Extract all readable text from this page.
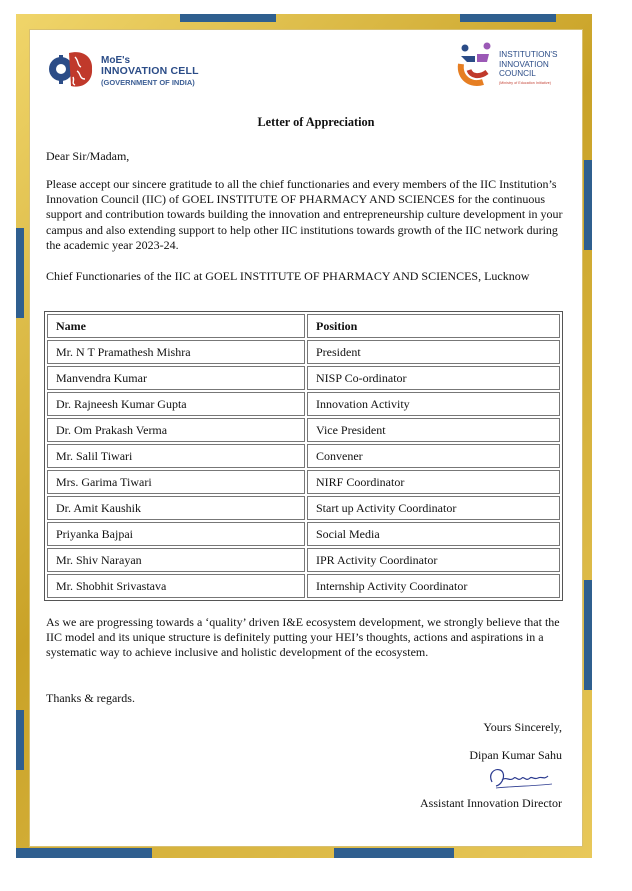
MoE's
INNOVATION CELL
(GOVERNMENT OF INDIA)
INSTITUTION'S
INNOVATION
COUNCIL
(Ministry of Education Initiative)
Letter of Appreciation
Dear Sir/Madam,
Please accept our sincere gratitude to all the chief functionaries and every members of the IIC Institution’s Innovation Council (IIC) of GOEL INSTITUTE OF PHARMACY AND SCIENCES for the continuous support and contribution towards building the innovation and entrepreneurship culture development in your campus and also extending support to help other IIC institutions towards growth of the IIC network during the academic year 2023-24.
Chief Functionaries of the IIC at GOEL INSTITUTE OF PHARMACY AND SCIENCES, Lucknow
Name	Position
Mr. N T Pramathesh Mishra	President
Manvendra Kumar	NISP Co-ordinator
Dr. Rajneesh Kumar Gupta	Innovation Activity
Dr. Om Prakash Verma	Vice President
Mr. Salil Tiwari	Convener
Mrs. Garima Tiwari	NIRF Coordinator
Dr. Amit Kaushik	Start up Activity Coordinator
Priyanka Bajpai	Social Media
Mr. Shiv Narayan	IPR Activity Coordinator
Mr. Shobhit Srivastava	Internship Activity Coordinator
As we are progressing towards a ‘quality’ driven I&E ecosystem development, we strongly believe that the IIC model and its unique structure is definitely putting your HEI’s thoughts, actions and aspirations in a systematic way to achieve inclusive and holistic development of the ecosystem.
Thanks & regards.
Yours Sincerely,
Dipan Kumar Sahu
Assistant Innovation Director
